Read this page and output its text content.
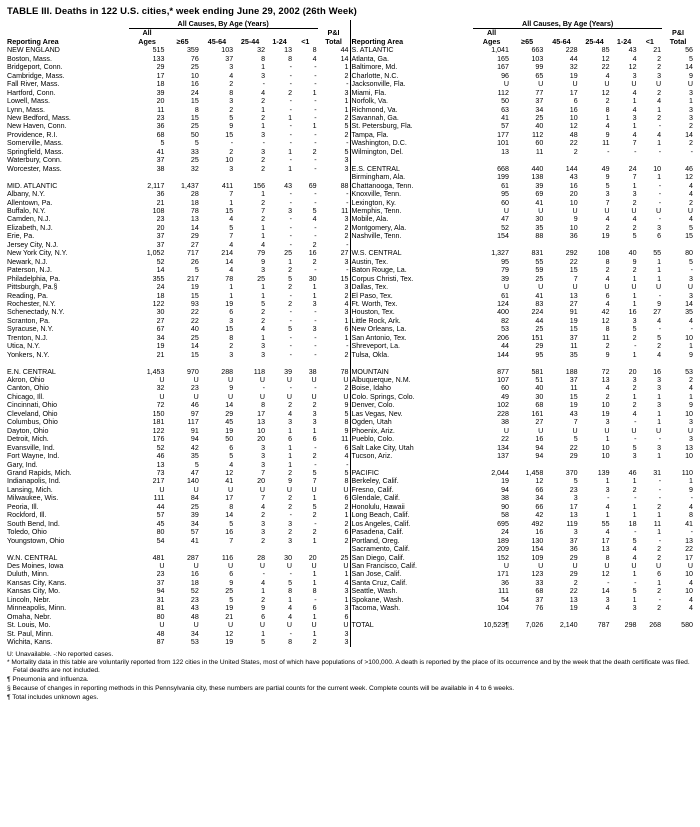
TABLE III. Deaths in 122 U.S. cities,* week ending June 29, 2002 (26th Week)
	All Causes, By Age (Years)	
Reporting Area	
All
Ages	≥65	45-64	25-44	1-24	<1	
P&I
Total

NEW ENGLAND	515	359	103	32	13	8	44
Boston, Mass.	133	76	37	8	8	4	14
Bridgeport, Conn.	29	25	3	1	-	-	1
Cambridge, Mass.	17	10	4	3	-	-	2
Fall River, Mass.	18	16	2	-	-	-	-
Hartford, Conn.	39	24	8	4	2	1	3
Lowell, Mass.	20	15	3	2	-	-	1
Lynn, Mass.	11	8	2	1	-	-	1
New Bedford, Mass.	23	15	5	2	1	-	2
New Haven, Conn.	36	25	9	1	-	1	5
Providence, R.I.	68	50	15	3	-	-	2
Somerville, Mass.	5	5	-	-	-	-	-
Springfield, Mass.	41	33	2	3	1	2	5
Waterbury, Conn.	37	25	10	2	-	-	3
Worcester, Mass.	38	32	3	2	1	-	3

MID. ATLANTIC	2,117	1,437	411	156	43	69	88
Albany, N.Y.	36	28	7	1	-	-	-
Allentown, Pa.	21	18	1	2	-	-	-
Buffalo, N.Y.	108	78	15	7	3	5	11
Camden, N.J.	23	13	4	2	-	4	3
Elizabeth, N.J.	20	14	5	1	-	-	2
Erie, Pa.	37	29	7	1	-	-	2
Jersey City, N.J.	37	27	4	4	-	2	-
New York City, N.Y.	1,052	717	214	79	25	16	27
Newark, N.J.	52	26	14	9	1	2	3
Paterson, N.J.	14	5	4	3	2	-	-
Philadelphia, Pa.	355	217	78	25	5	30	15
Pittsburgh, Pa.§	24	19	1	1	2	1	3
Reading, Pa.	18	15	1	1	-	1	2
Rochester, N.Y.	122	93	19	5	2	3	4
Schenectady, N.Y.	30	22	6	2	-	-	3
Scranton, Pa.	27	22	3	2	-	-	1
Syracuse, N.Y.	67	40	15	4	5	3	6
Trenton, N.J.	34	25	8	1	-	-	1
Utica, N.Y.	19	14	2	3	-	-	-
Yonkers, N.Y.	21	15	3	3	-	-	2

E.N. CENTRAL	1,453	970	288	118	39	38	78
Akron, Ohio	U	U	U	U	U	U	U
Canton, Ohio	32	23	9	-	-	-	2
Chicago, Ill.	U	U	U	U	U	U	U
Cincinnati, Ohio	72	46	14	8	2	2	9
Cleveland, Ohio	150	97	29	17	4	3	5
Columbus, Ohio	181	117	45	13	3	3	8
Dayton, Ohio	122	91	19	10	1	1	9
Detroit, Mich.	176	94	50	20	6	6	11
Evansville, Ind.	52	42	6	3	1	-	6
Fort Wayne, Ind.	46	35	5	3	1	2	4
Gary, Ind.	13	5	4	3	1	-	-
Grand Rapids, Mich.	73	47	12	7	2	5	5
Indianapolis, Ind.	217	140	41	20	9	7	8
Lansing, Mich.	U	U	U	U	U	U	U
Milwaukee, Wis.	111	84	17	7	2	1	6
Peoria, Ill.	44	25	8	4	2	5	2
Rockford, Ill.	57	39	14	2	-	2	1
South Bend, Ind.	45	34	5	3	3	-	2
Toledo, Ohio	80	57	16	3	2	2	6
Youngstown, Ohio	54	41	7	2	3	1	2

W.N. CENTRAL	481	287	116	28	30	20	25
Des Moines, Iowa	U	U	U	U	U	U	U
Duluth, Minn.	23	16	6	-	-	1	1
Kansas City, Kans.	37	18	9	4	5	1	4
Kansas City, Mo.	94	52	25	1	8	8	3
Lincoln, Nebr.	31	23	5	2	1	-	1
Minneapolis, Minn.	81	43	19	9	4	6	3
Omaha, Nebr.	80	48	21	6	4	1	6
St. Louis, Mo.	U	U	U	U	U	U	U
St. Paul, Minn.	48	34	12	1	-	1	3
Wichita, Kans.	87	53	19	5	8	2	3

	All Causes, By Age (Years)	
Reporting Area	
All
Ages	≥65	45-64	25-44	1-24	<1	
P&I
Total

S. ATLANTIC	1,041	663	228	85	43	21	56
Atlanta, Ga.	165	103	44	12	4	2	5
Baltimore, Md.	167	99	32	22	12	2	14
Charlotte, N.C.	96	65	19	4	3	3	9
Jacksonville, Fla.	U	U	U	U	U	U	U
Miami, Fla.	112	77	17	12	4	2	3
Norfolk, Va.	50	37	6	2	1	4	1
Richmond, Va.	63	34	16	8	4	1	3
Savannah, Ga.	41	25	10	1	3	2	3
St. Petersburg, Fla.	57	40	12	4	1	-	2
Tampa, Fla.	177	112	48	9	4	4	14
Washington, D.C.	101	60	22	11	7	1	2
Wilmington, Del.	13	11	2	-	-	-	-

E.S. CENTRAL	668	440	144	49	24	10	46
Birmingham, Ala.	199	138	43	9	7	1	12
Chattanooga, Tenn.	61	39	16	5	1	-	4
Knoxville, Tenn.	95	69	20	3	3	-	4
Lexington, Ky.	60	41	10	7	2	-	2
Memphis, Tenn.	U	U	U	U	U	U	U
Mobile, Ala.	47	30	9	4	4	-	4
Montgomery, Ala.	52	35	10	2	2	3	5
Nashville, Tenn.	154	88	36	19	5	6	15

W.S. CENTRAL	1,327	831	292	108	40	55	80
Austin, Tex.	95	55	22	8	9	1	5
Baton Rouge, La.	79	59	15	2	2	1	-
Corpus Christi, Tex.	39	25	7	4	1	1	3
Dallas, Tex.	U	U	U	U	U	U	U
El Paso, Tex.	61	41	13	6	1	-	3
Ft. Worth, Tex.	124	83	27	4	1	9	14
Houston, Tex.	400	224	91	42	16	27	35
Little Rock, Ark.	82	44	19	12	3	4	4
New Orleans, La.	53	25	15	8	5	-	-
San Antonio, Tex.	206	151	37	11	2	5	10
Shreveport, La.	44	29	11	2	-	2	1
Tulsa, Okla.	144	95	35	9	1	4	9

MOUNTAIN	877	581	188	72	20	16	53
Albuquerque, N.M.	107	51	37	13	3	3	2
Boise, Idaho	60	40	11	4	2	3	4
Colo. Springs, Colo.	49	30	15	2	1	1	1
Denver, Colo.	102	68	19	10	2	3	9
Las Vegas, Nev.	228	161	43	19	4	1	10
Ogden, Utah	38	27	7	3	-	1	3
Phoenix, Ariz.	U	U	U	U	U	U	U
Pueblo, Colo.	22	16	5	1	-	-	3
Salt Lake City, Utah	134	94	22	10	5	3	13
Tucson, Ariz.	137	94	29	10	3	1	10

PACIFIC	2,044	1,458	370	139	46	31	110
Berkeley, Calif.	19	12	5	1	1	-	1
Fresno, Calif.	94	66	23	3	2	-	9
Glendale, Calif.	38	34	3	-	-	-	-
Honolulu, Hawaii	90	66	17	4	1	2	4
Long Beach, Calif.	58	42	13	1	1	1	8
Los Angeles, Calif.	695	492	119	55	18	11	41
Pasadena, Calif.	24	16	3	4	-	1	-
Portland, Oreg.	189	130	37	17	5	-	13
Sacramento, Calif.	209	154	36	13	4	2	22
San Diego, Calif.	152	109	29	8	4	2	17
San Francisco, Calif.	U	U	U	U	U	U	U
San Jose, Calif.	171	123	29	12	1	6	10
Santa Cruz, Calif.	36	33	2	-	-	1	4
Seattle, Wash.	111	68	22	14	5	2	10
Spokane, Wash.	54	37	13	3	1	-	4
Tacoma, Wash.	104	76	19	4	3	2	4

TOTAL	10,523¶	7,026	2,140	787	298	268	580
U: Unavailable. -:No reported cases.
* Mortality data in this table are voluntarily reported from 122 cities in the United States, most of which have populations of >100,000. A death is reported by the place of its occurrence and by the week that the death certificate was filed. Fetal deaths are not included.
¶ Pneumonia and influenza.
§ Because of changes in reporting methods in this Pennsylvania city, these numbers are partial counts for the current week. Complete counts will be available in 4 to 6 weeks.
¶ Total includes unknown ages.
